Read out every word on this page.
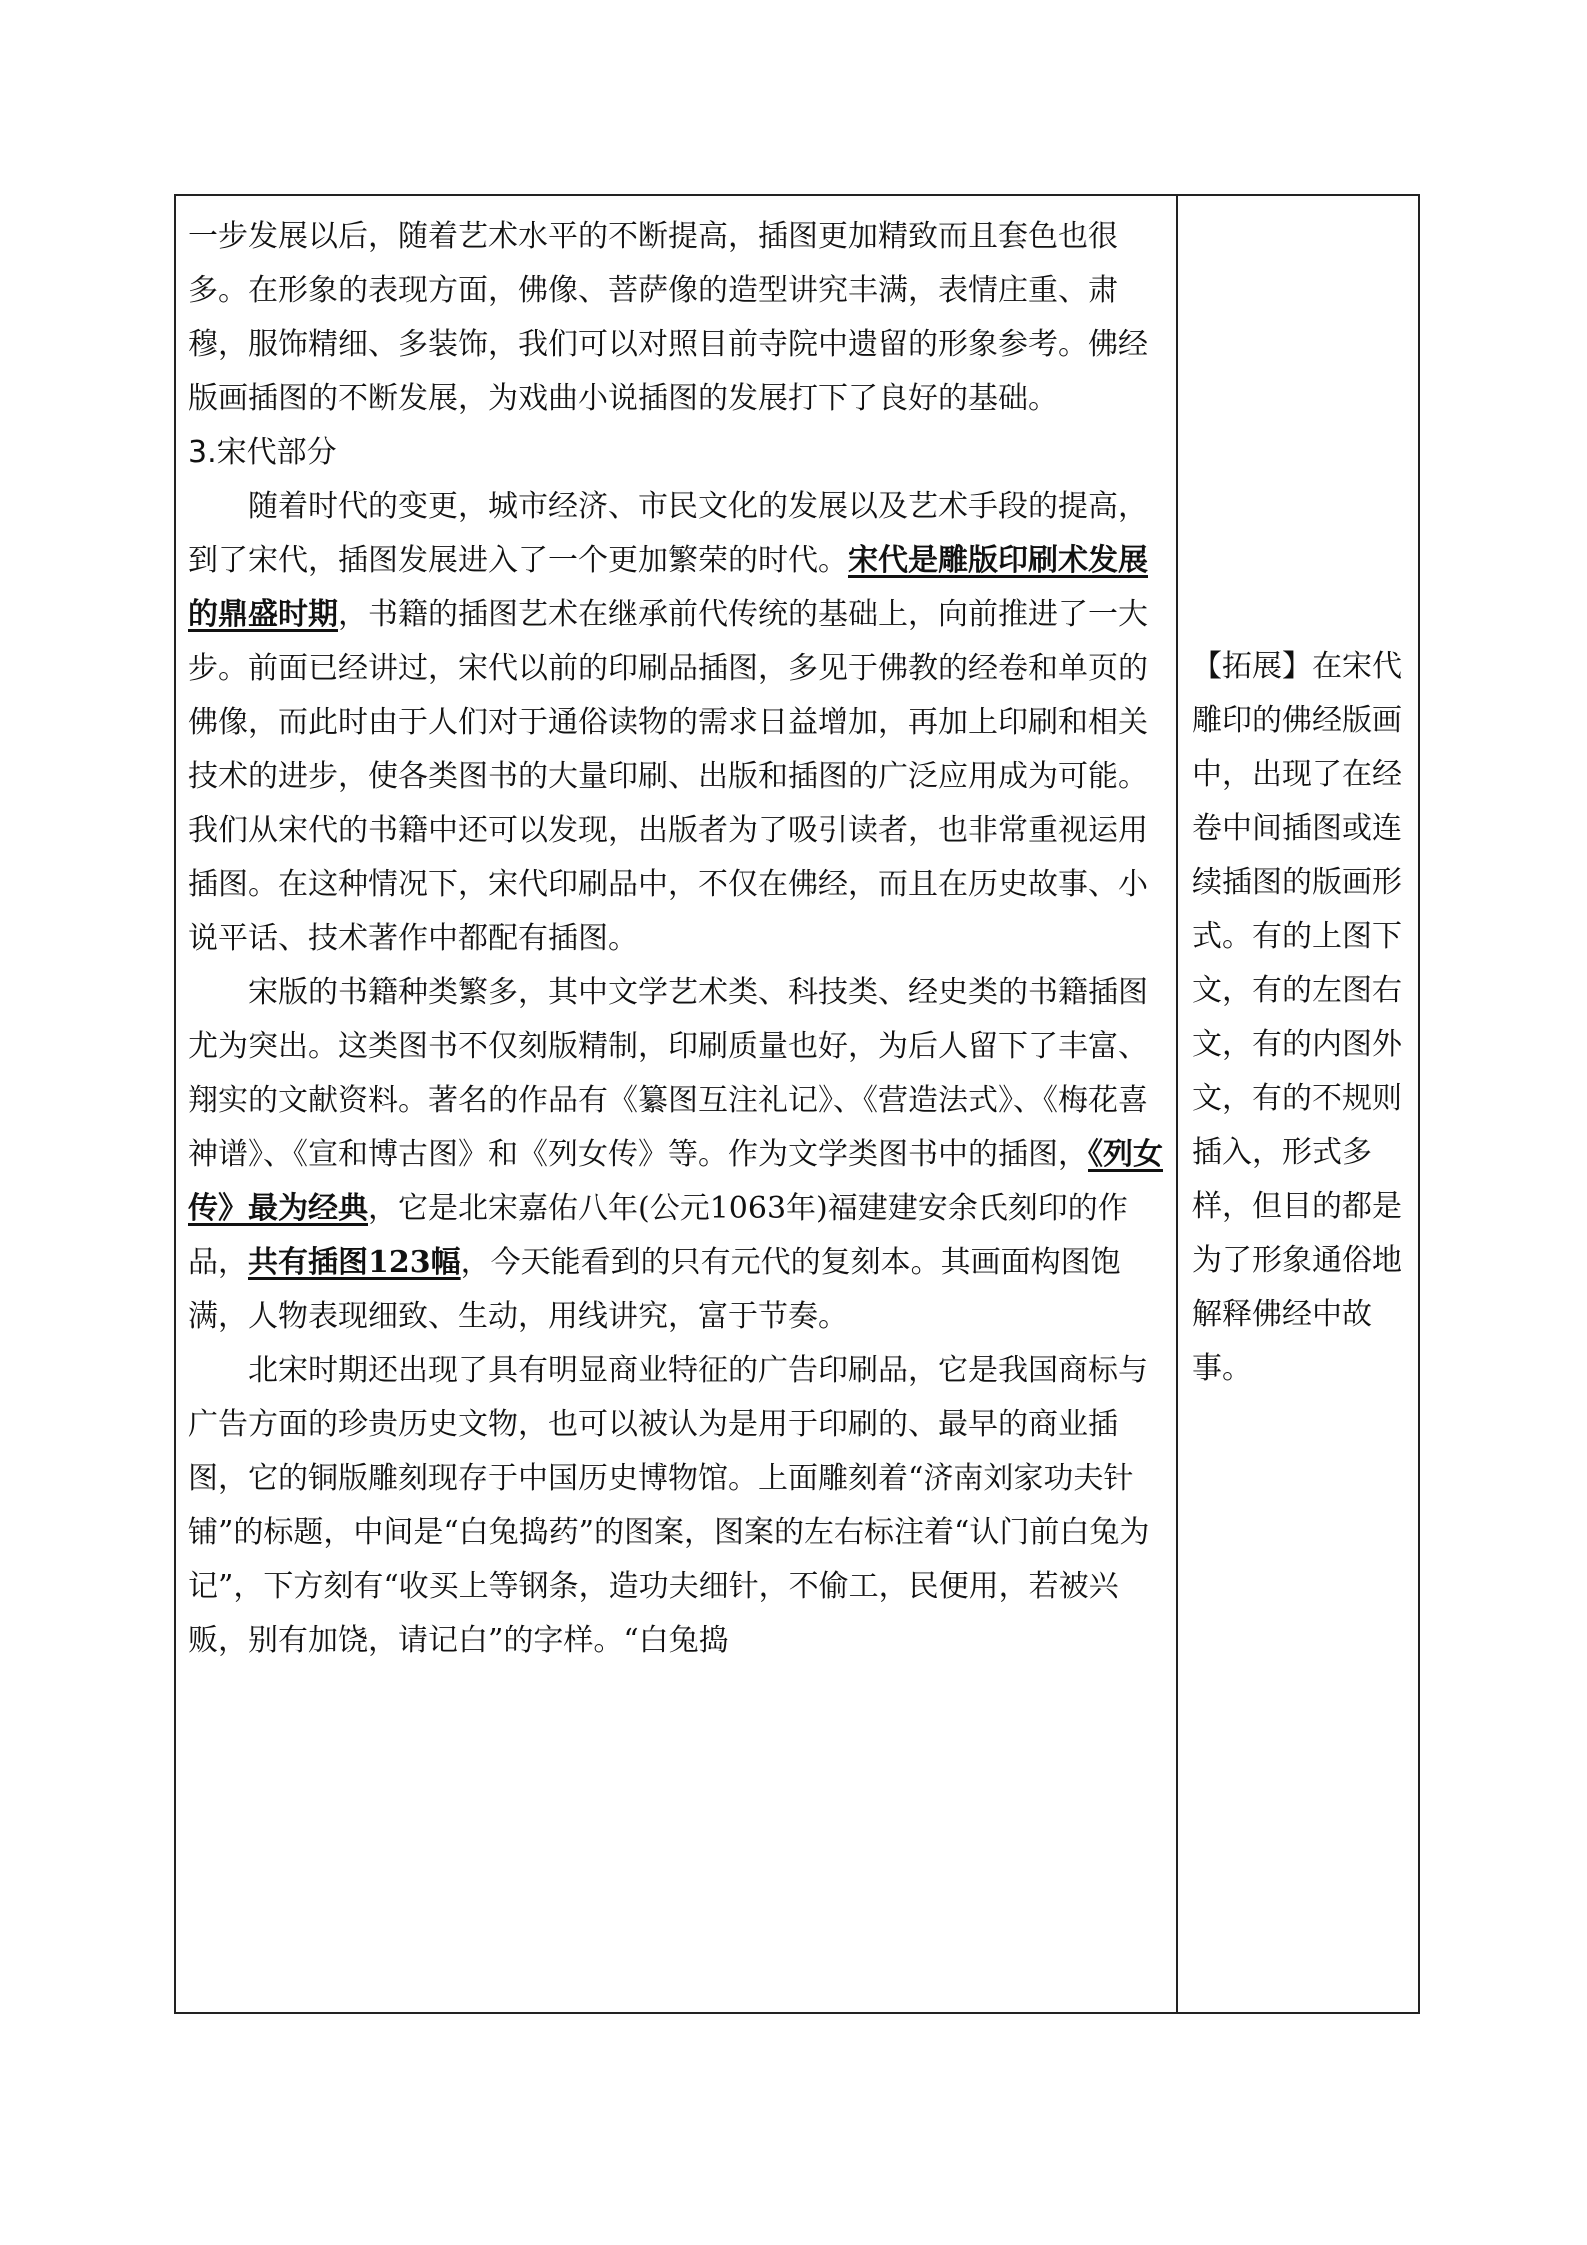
一步发展以后，随着艺术水平的不断提高，插图更加精致而且套色也很多。在形象的表现方面，佛像、菩萨像的造型讲究丰满，表情庄重、肃穆，服饰精细、多装饰，我们可以对照目前寺院中遗留的形象参考。佛经版画插图的不断发展，为戏曲小说插图的发展打下了良好的基础。

3.宋代部分

随着时代的变更，城市经济、市民文化的发展以及艺术手段的提高，到了宋代，插图发展进入了一个更加繁荣的时代。宋代是雕版印刷术发展的鼎盛时期，书籍的插图艺术在继承前代传统的基础上，向前推进了一大步。前面已经讲过，宋代以前的印刷品插图，多见于佛教的经卷和单页的佛像，而此时由于人们对于通俗读物的需求日益增加，再加上印刷和相关技术的进步，使各类图书的大量印刷、出版和插图的广泛应用成为可能。我们从宋代的书籍中还可以发现，出版者为了吸引读者，也非常重视运用插图。在这种情况下，宋代印刷品中，不仅在佛经，而且在历史故事、小说平话、技术著作中都配有插图。

宋版的书籍种类繁多，其中文学艺术类、科技类、经史类的书籍插图尤为突出。这类图书不仅刻版精制，印刷质量也好，为后人留下了丰富、翔实的文献资料。著名的作品有《纂图互注礼记》、《营造法式》、《梅花喜神谱》、《宣和博古图》和《列女传》等。作为文学类图书中的插图，《列女传》最为经典，它是北宋嘉佑八年(公元1063年)福建建安余氏刻印的作品，共有插图123幅，今天能看到的只有元代的复刻本。其画面构图饱满，人物表现细致、生动，用线讲究，富于节奏。

北宋时期还出现了具有明显商业特征的广告印刷品，它是我国商标与广告方面的珍贵历史文物，也可以被认为是用于印刷的、最早的商业插图，它的铜版雕刻现存于中国历史博物馆。上面雕刻着“济南刘家功夫针铺”的标题，中间是“白兔捣药”的图案，图案的左右标注着“认门前白兔为记”，下方刻有“收买上等钢条，造功夫细针，不偷工，民便用，若被兴贩，别有加饶，请记白”的字样。“白兔捣

【拓展】在宋代雕印的佛经版画中，出现了在经卷中间插图或连续插图的版画形式。有的上图下文，有的左图右文，有的内图外文，有的不规则插入，形式多样，但目的都是为了形象通俗地解释佛经中故事。
